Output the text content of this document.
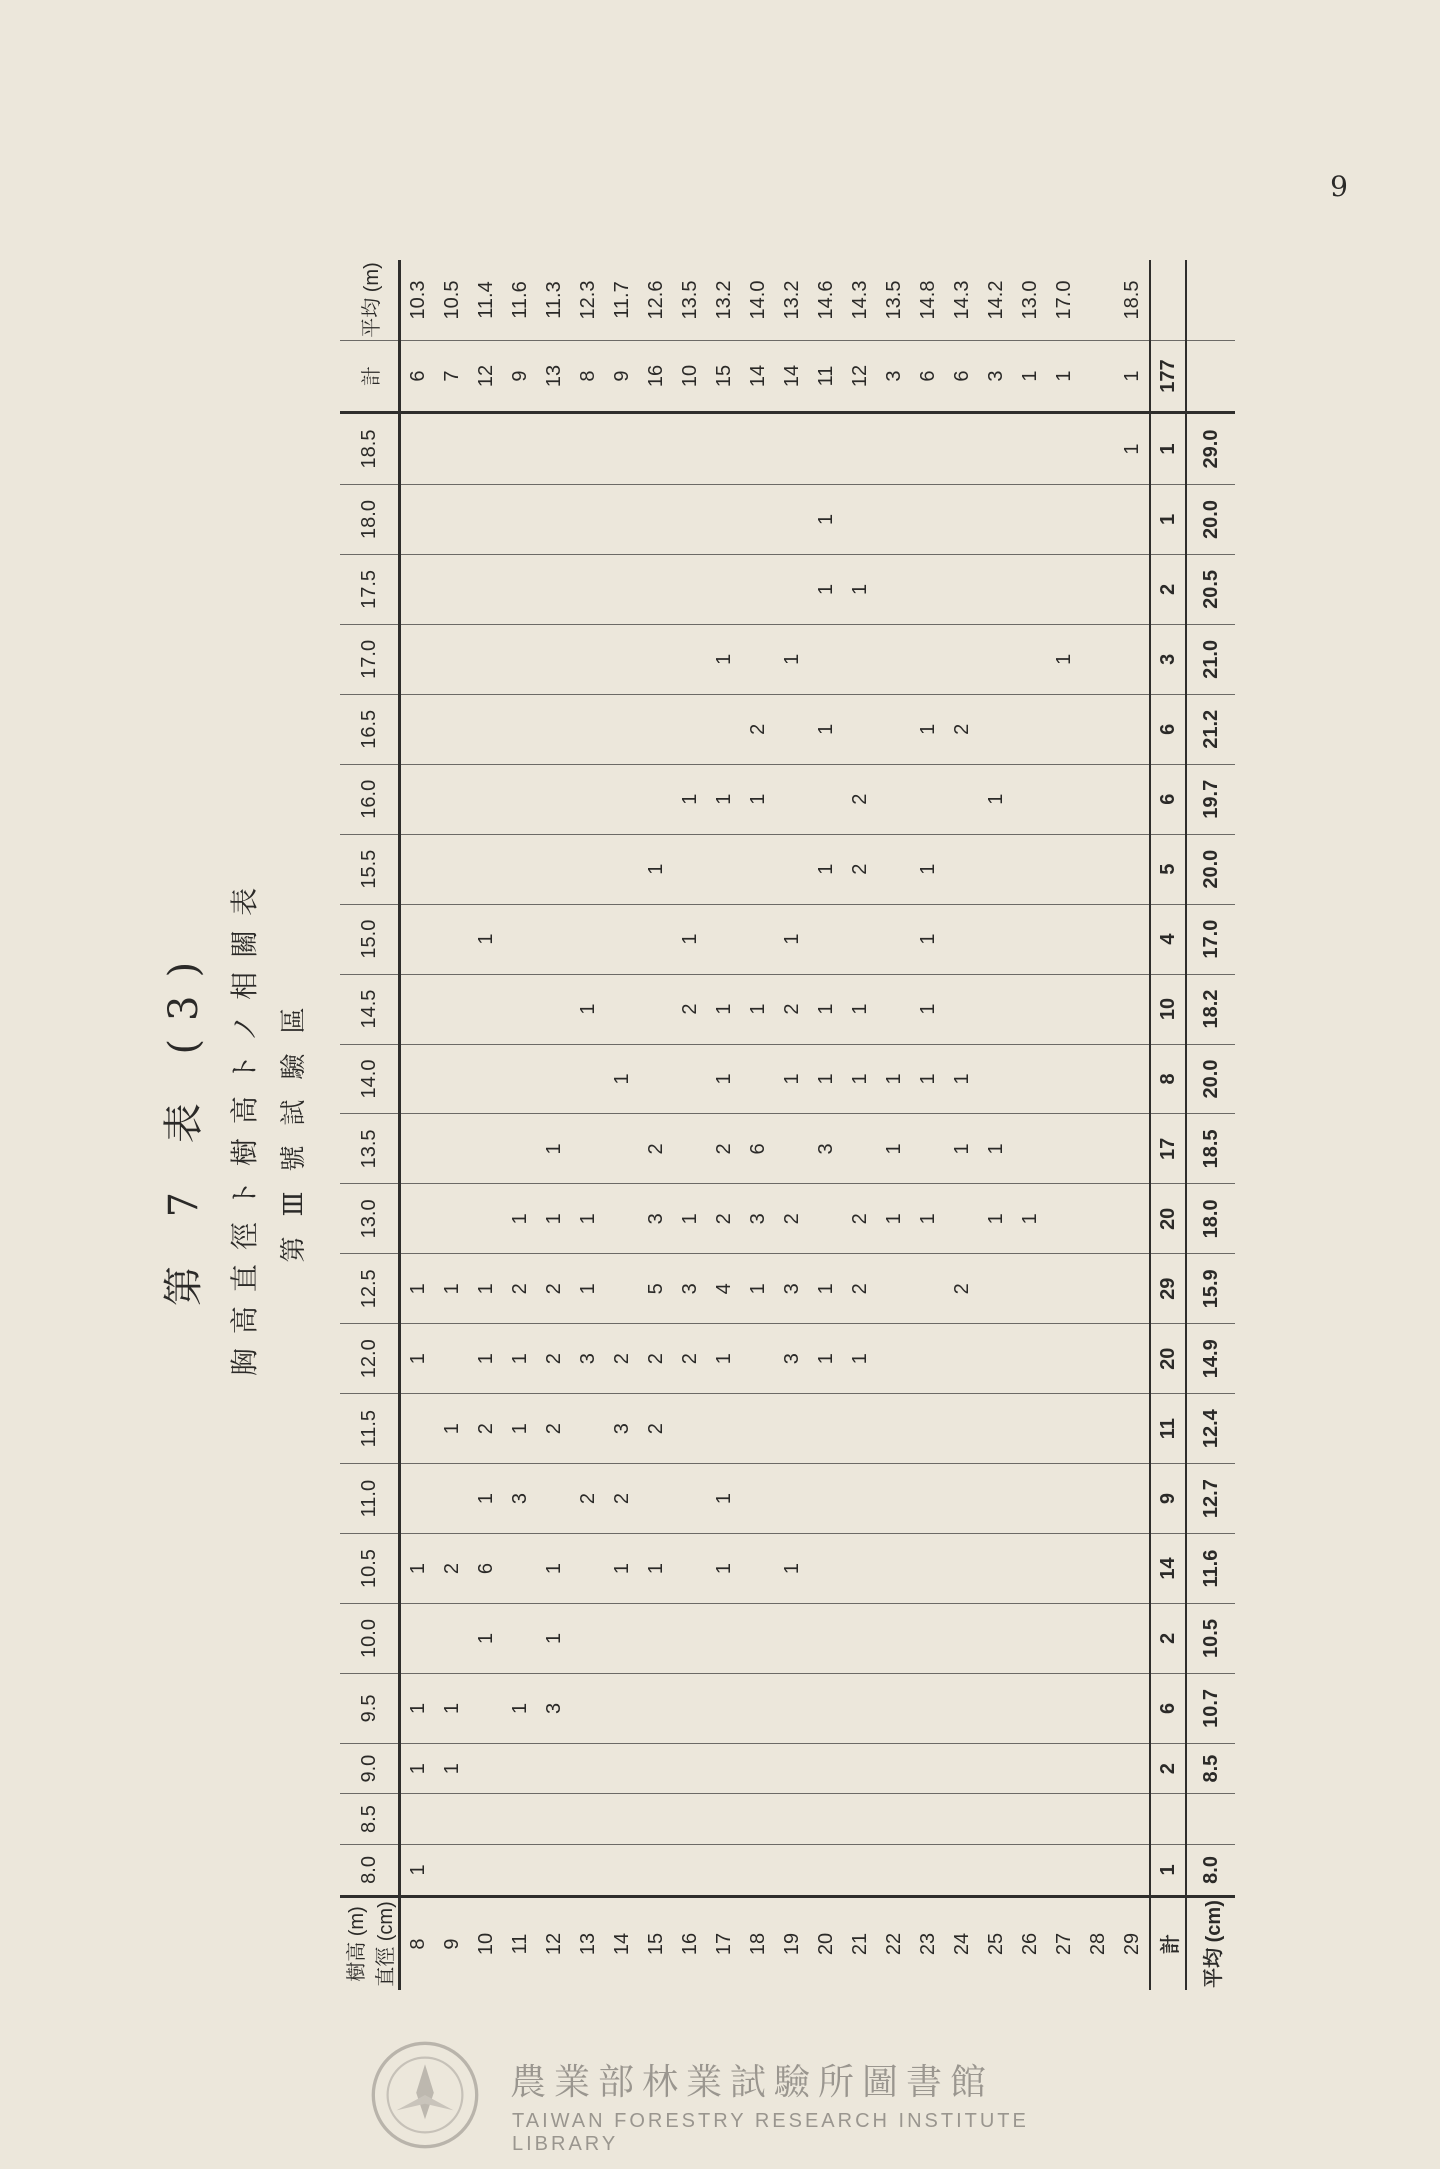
9
第 7 表 (3) 胸高直徑ト樹高トノ相關表 第Ⅲ號試驗區
樹高 (m) 直徑 (cm)	8.0	8.5	9.0	9.5	10.0	10.5	11.0	11.5	12.0	12.5	13.0	13.5	14.0	14.5	15.0	15.5	16.0	16.5	17.0	17.5	18.0	18.5	計	平均 (m)
8	1		1	1		1			1	1													6	10.3
9			1	1		2		1		1													7	10.5
10					1	6	1	2	1	1					1								12	11.4
11				1			3	1	1	2	1												9	11.6
12				3	1	1		2	2	2	1	1											13	11.3
13							2		3	1	1			1									8	12.3
14						1	2	3	2				1										9	11.7
15						1		2	2	5	3	2				1							16	12.6
16									2	3	1			2	1		1						10	13.5
17						1	1		1	4	2	2	1	1			1		1				15	13.2
18										1	3	6		1			1	2					14	14.0
19						1			3	3	2		1	2	1				1				14	13.2
20									1	1		3	1	1		1		1		1	1		11	14.6
21									1	2	2		1	1		2	2			1			12	14.3
22											1	1	1										3	13.5
23											1		1	1	1	1		1					6	14.8
24										2		1	1					2					6	14.3
25											1	1					1						3	14.2
26											1												1	13.0
27																			1				1	17.0
28																								
29																						1	1	18.5
計	1		2	6	2	14	9	11	20	29	20	17	8	10	4	5	6	6	3	2	1	1	177	
平均 (cm)	8.0		8.5	10.7	10.5	11.6	12.7	12.4	14.9	15.9	18.0	18.5	20.0	18.2	17.0	20.0	19.7	21.2	21.0	20.5	20.0	29.0		
農業部林業試驗所圖書館
TAIWAN FORESTRY RESEARCH INSTITUTE LIBRARY
